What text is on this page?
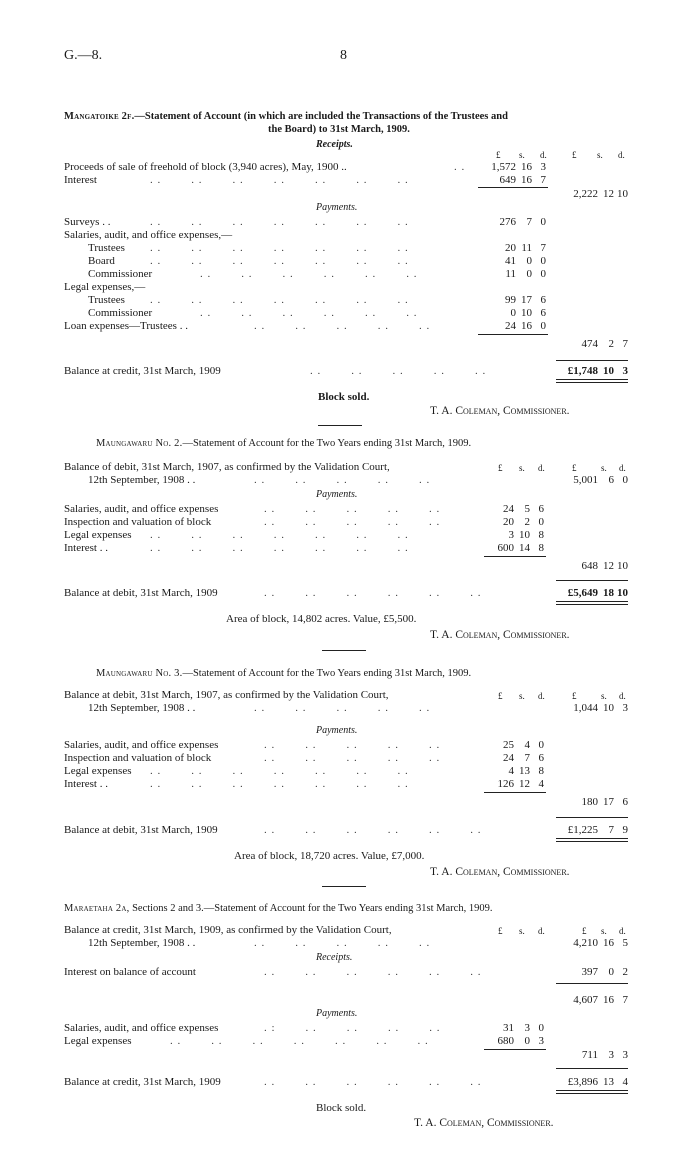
G.—8.	8
Mangatoike 2f.—Statement of Account (in which are included the Transactions of the Trustees and
the Board) to 31st March, 1909.
Receipts.
£ s. d.	£ s. d.
Proceeds of sale of freehold of block (3,940 acres), May, 1900 ..	. .	1,572 16 3
Interest	. .        . .        . .        . .        . .        . .        . .	649 16 7
2,222 12 10
Payments.
Surveys . .	. .        . .        . .        . .        . .        . .        . .	276 7 0
Salaries, audit, and office expenses,—
Trustees . .        . .        . .        . .        . .        . .        . .	20 11 7
Board	. .        . .        . .        . .        . .        . .        . .	41 0 0
Commissioner	. .        . .        . .        . .        . .        . .	11 0 0
Legal expenses,—
Trustees . .        . .        . .        . .        . .        . .        . .	99 17 6
Commissioner	. .        . .        . .        . .        . .        . .	0 10 6
Loan expenses—Trustees . .	. .        . .        . .        . .        . .	24 16 0
474 2 7
Balance at credit, 31st March, 1909	. .        . .        . .        . .        . .	£1,748 10 3
Block sold.
T. A. Coleman, Commissioner.
Maungawaru No. 2.—Statement of Account for the Two Years ending 31st March, 1909.
Balance of debit, 31st March, 1907, as confirmed by the Validation Court,
12th September, 1908 . .	. .        . .        . .        . .        . .
£ s. d.	£	s. d.
5,001 6 0
Payments.
Salaries, audit, and office expenses	. .        . .        . .        . .        . .	24 5 6
Inspection and valuation of block	. .        . .        . .        . .        . .	20 2 0
Legal expenses . .        . .        . .        . .        . .        . .        . .	3 10 8
Interest . .	. .        . .        . .        . .        . .        . .        . .	600 14 8
648 12 10
Balance at debit, 31st March, 1909	. .        . .        . .        . .        . .        . .	£5,649 18 10
Area of block, 14,802 acres. Value, £5,500.
T. A. Coleman, Commissioner.
Maungawaru No. 3.—Statement of Account for the Two Years ending 31st March, 1909.
Balance at debit, 31st March, 1907, as confirmed by the Validation Court,
12th September, 1908 . .	. .        . .        . .        . .        . .
£ s. d.	£	s. d.
1,044 10 3
Payments.
Salaries, audit, and office expenses	. .        . .        . .        . .        . .	25 4 0
Inspection and valuation of block	. .        . .        . .        . .        . .	24 7 6
Legal expenses . .        . .        . .        . .        . .        . .        . .	4 13 8
Interest . .	. .        . .        . .        . .        . .        . .        . .	126 12 4
180 17 6
Balance at debit, 31st March, 1909	. .        . .        . .        . .        . .        . .	£1,225 7 9
Area of block, 18,720 acres. Value, £7,000.
T. A. Coleman, Commissioner.
Maraetaha 2a, Sections 2 and 3.—Statement of Account for the Two Years ending 31st March, 1909.
Balance at credit, 31st March, 1909, as confirmed by the Validation Court,
12th September, 1908 . .	. .        . .        . .        . .        . .
£ s. d.	£ s. d.
4,210 16 5
Receipts.
Interest on balance of account	. .        . .        . .        . .        . .        . .	397 0 2
4,607 16 7
Payments.
Salaries, audit, and office expenses	. :        . .        . .        . .        . .	31 3 0
Legal expenses	. .        . .        . .        . .        . .        . .        . .	680 0 3
711 3 3
Balance at credit, 31st March, 1909	. .        . .        . .        . .        . .        . .	£3,896 13 4
Block sold.
T. A. Coleman, Commissioner.
